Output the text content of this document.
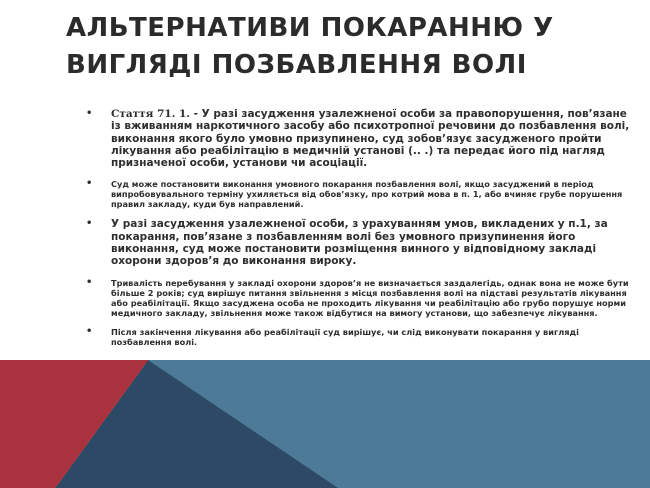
АЛЬТЕРНАТИВИ ПОКАРАННЮ У ВИГЛЯДІ ПОЗБАВЛЕННЯ ВОЛІ
• Стаття 71. 1. - У разі засудження узалежненої особи за правопорушення, пов’язане із вживанням наркотичного засобу або психотропної речовини до позбавлення волі, виконання якого було умовно призупинено, суд зобов’язує засудженого пройти лікування або реабілітацію в медичній установі (.. .) та передає його під нагляд призначеної особи, установи чи асоціації.
• Суд може постановити виконання умовного покарання позбавлення волі, якщо засуджений в період випробовувального терміну ухиляється від обов’язку, про котрий мова в п. 1, або вчиняє грубе порушення правил закладу, куди був направлений.
• У разі засудження узалежненої особи, з урахуванням умов, викладених у п.1, за покарання, пов’язане з позбавленням волі без умовного призупинення його виконання, суд може постановити розміщення винного у відповідному закладі охорони здоров’я до виконання вироку.
• Тривалість перебування у закладі охорони здоров’я не визначається заздалегідь, однак вона не може бути більше 2 років; суд вирішує питання звільнення з місця позбавлення волі на підставі результатів лікування або реабілітації. Якщо засуджена особа не проходить лікування чи реабілітацію або грубо порушує норми медичного закладу, звільнення може також відбутися на вимогу установи, що забезпечує лікування.
• Після закінчення лікування або реабілітації суд вирішує, чи слід виконувати покарання у вигляді позбавлення волі.
